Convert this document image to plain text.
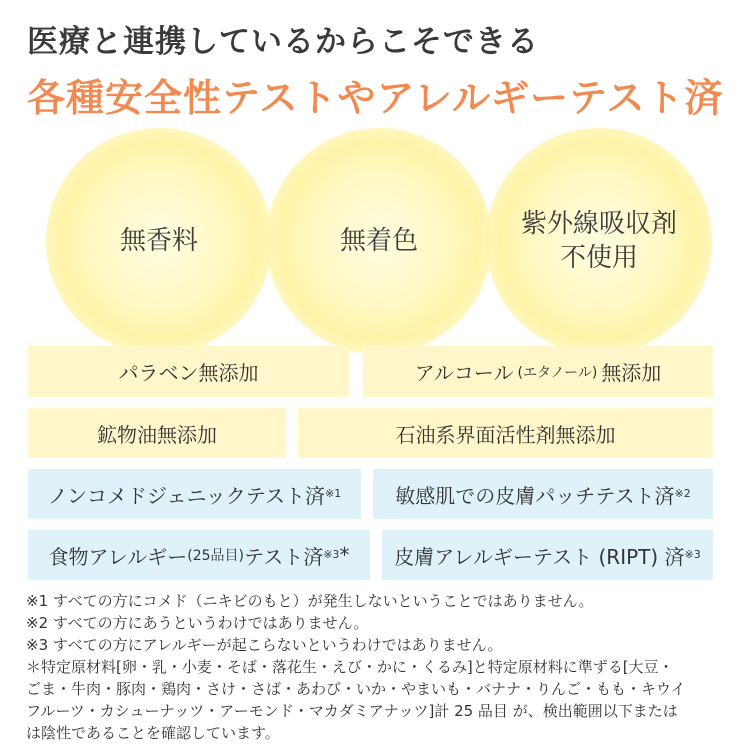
医療と連携しているからこそできる
各種安全性テストやアレルギーテスト済
無香料	無着色
紫外線吸収剤
不使用
パラベン無添加	アルコール (エタノール) 無添加
鉱物油無添加	石油系界面活性剤無添加
ノンコメドジェニックテスト済 ※1	敏感肌での皮膚パッチテスト済 ※2
食物アレルギー (25品目) テスト済 ※3 * 皮膚アレルギーテスト (RIPT) 済 ※3
※1 すべての方にコメド（ニキビのもと）が発生しないということではありません。
※2 すべての方にあうというわけではありません。
※3 すべての方にアレルギーが起こらないというわけではありません。
＊特定原材料[卵・乳・小麦・そば・落花生・えび・かに・くるみ]と特定原材料に準ずる[大豆・
ごま・牛肉・豚肉・鶏肉・さけ・さば・あわび・いか・やまいも・バナナ・りんご・もも・キウイ
フルーツ・カシューナッツ・アーモンド・マカダミアナッツ]計 25 品目 が、検出範囲以下または
は陰性であることを確認しています。
